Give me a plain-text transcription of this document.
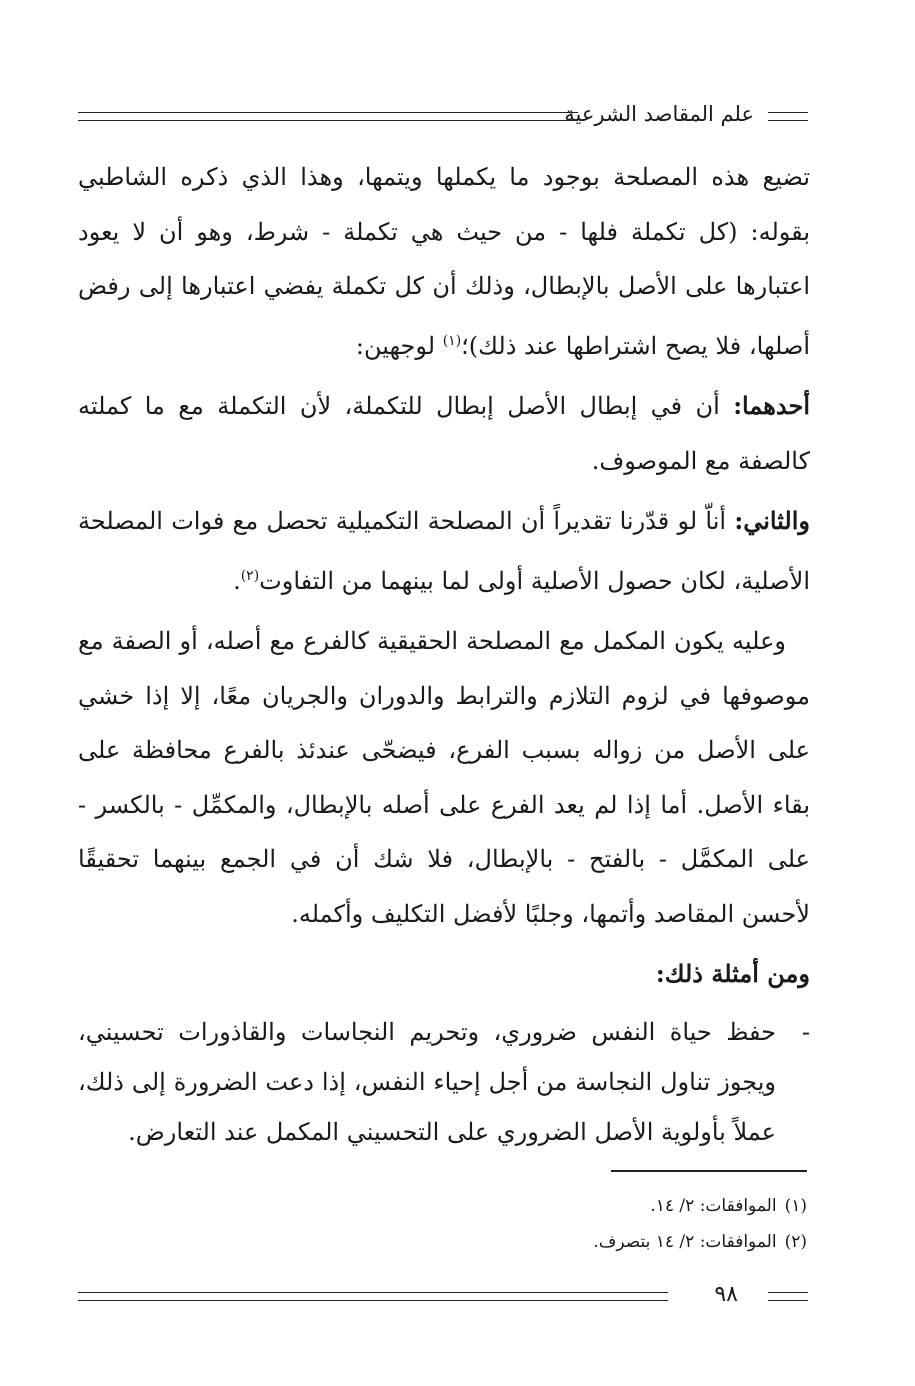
علم المقاصد الشرعية

تضيع هذه المصلحة بوجود ما يكملها ويتمها، وهذا الذي ذكره الشاطبي بقوله: (كل تكملة فلها - من حيث هي تكملة - شرط، وهو أن لا يعود اعتبارها على الأصل بالإبطال، وذلك أن كل تكملة يفضي اعتبارها إلى رفض أصلها، فلا يصح اشتراطها عند ذلك)؛$^{(١)}$ لوجهين:

أحدهما: أن في إبطال الأصل إبطال للتكملة، لأن التكملة مع ما كملته كالصفة مع الموصوف.

والثاني: أناّ لو قدّرنا تقديراً أن المصلحة التكميلية تحصل مع فوات المصلحة الأصلية، لكان حصول الأصلية أولى لما بينهما من التفاوت$^{(٢)}$.

وعليه يكون المكمل مع المصلحة الحقيقية كالفرع مع أصله، أو الصفة مع موصوفها في لزوم التلازم والترابط والدوران والجريان معًا، إلا إذا خشي على الأصل من زواله بسبب الفرع، فيضحّى عندئذ بالفرع محافظة على بقاء الأصل. أما إذا لم يعد الفرع على أصله بالإبطال، والمكمِّل - بالكسر - على المكمَّل - بالفتح - بالإبطال، فلا شك أن في الجمع بينهما تحقيقًا لأحسن المقاصد وأتمها، وجلبًا لأفضل التكليف وأكمله.

ومن أمثلة ذلك:

-
حفظ حياة النفس ضروري، وتحريم النجاسات والقاذورات تحسيني، ويجوز تناول النجاسة من أجل إحياء النفس، إذا دعت الضرورة إلى ذلك، عملاً بأولوية الأصل الضروري على التحسيني المكمل عند التعارض.

(١)الموافقات: ٢/ ١٤.
(٢)الموافقات: ٢/ ١٤ بتصرف.
٩٨
